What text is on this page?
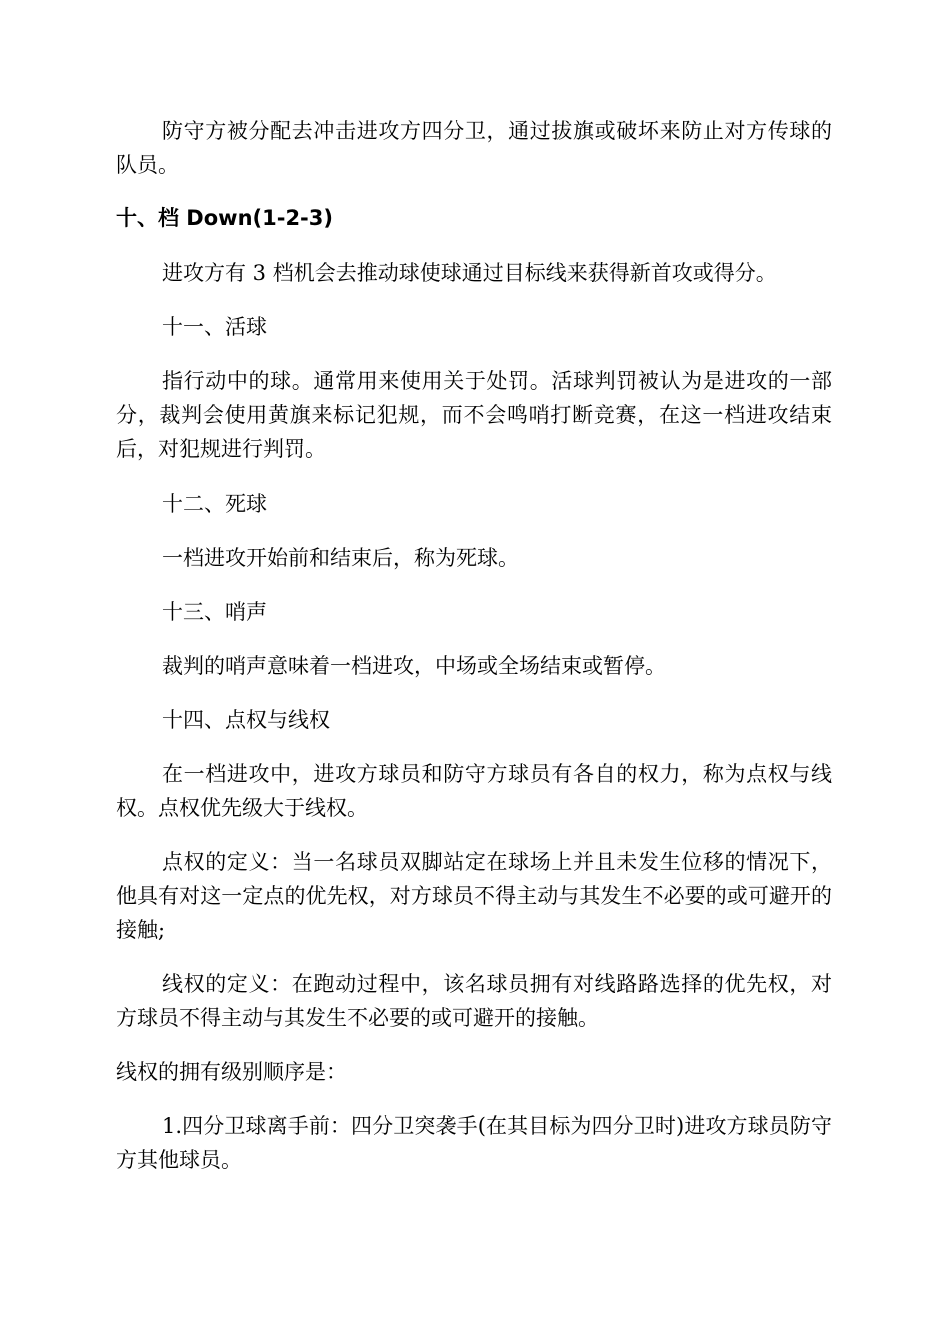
防守方被分配去冲击进攻方四分卫，通过拔旗或破坏来防止对方传球的队员。

十、档 Down(1-2-3)

进攻方有 3 档机会去推动球使球通过目标线来获得新首攻或得分。

十一、活球

指行动中的球。通常用来使用关于处罚。活球判罚被认为是进攻的一部分，裁判会使用黄旗来标记犯规，而不会鸣哨打断竞赛，在这一档进攻结束后，对犯规进行判罚。

十二、死球

一档进攻开始前和结束后，称为死球。

十三、哨声

裁判的哨声意味着一档进攻，中场或全场结束或暂停。

十四、点权与线权

在一档进攻中，进攻方球员和防守方球员有各自的权力，称为点权与线权。点权优先级大于线权。

点权的定义：当一名球员双脚站定在球场上并且未发生位移的情况下，他具有对这一定点的优先权，对方球员不得主动与其发生不必要的或可避开的接触;

线权的定义：在跑动过程中，该名球员拥有对线路路选择的优先权，对方球员不得主动与其发生不必要的或可避开的接触。

线权的拥有级别顺序是：

1.四分卫球离手前：四分卫突袭手(在其目标为四分卫时)进攻方球员防守方其他球员。
